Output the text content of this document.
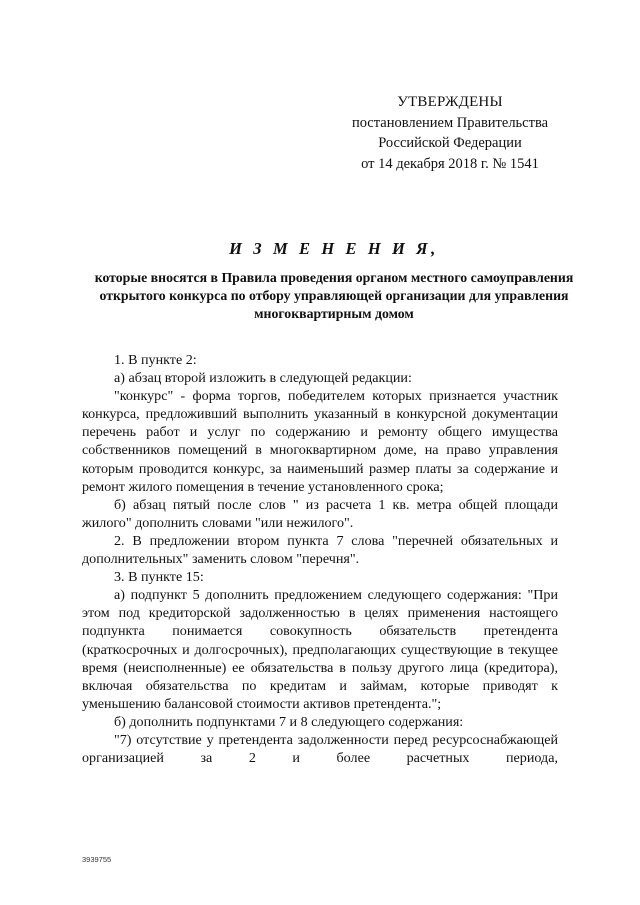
УТВЕРЖДЕНЫ
постановлением Правительства
Российской Федерации
от 14 декабря 2018 г. № 1541
И З М Е Н Е Н И Я,
которые вносятся в Правила проведения органом местного самоуправления открытого конкурса по отбору управляющей организации для управления многоквартирным домом

1. В пункте 2:

а) абзац второй изложить в следующей редакции:

"конкурс" - форма торгов, победителем которых признается участник конкурса, предложивший выполнить указанный в конкурсной документации перечень работ и услуг по содержанию и ремонту общего имущества собственников помещений в многоквартирном доме, на право управления которым проводится конкурс, за наименьший размер платы за содержание и ремонт жилого помещения в течение установленного срока;

б) абзац пятый после слов " из расчета 1 кв. метра общей площади жилого" дополнить словами "или нежилого".

2. В предложении втором пункта 7 слова "перечней обязательных и дополнительных" заменить словом "перечня".

3. В пункте 15:

а) подпункт 5 дополнить предложением следующего содержания: "При этом под кредиторской задолженностью в целях применения настоящего подпункта понимается совокупность обязательств претендента (краткосрочных и долгосрочных), предполагающих существующие в текущее время (неисполненные) ее обязательства в пользу другого лица (кредитора), включая обязательства по кредитам и займам, которые приводят к уменьшению балансовой стоимости активов претендента.";

б) дополнить подпунктами 7 и 8 следующего содержания:

"7) отсутствие у претендента задолженности перед ресурсоснабжающей организацией за 2 и более расчетных периода,

3939755
